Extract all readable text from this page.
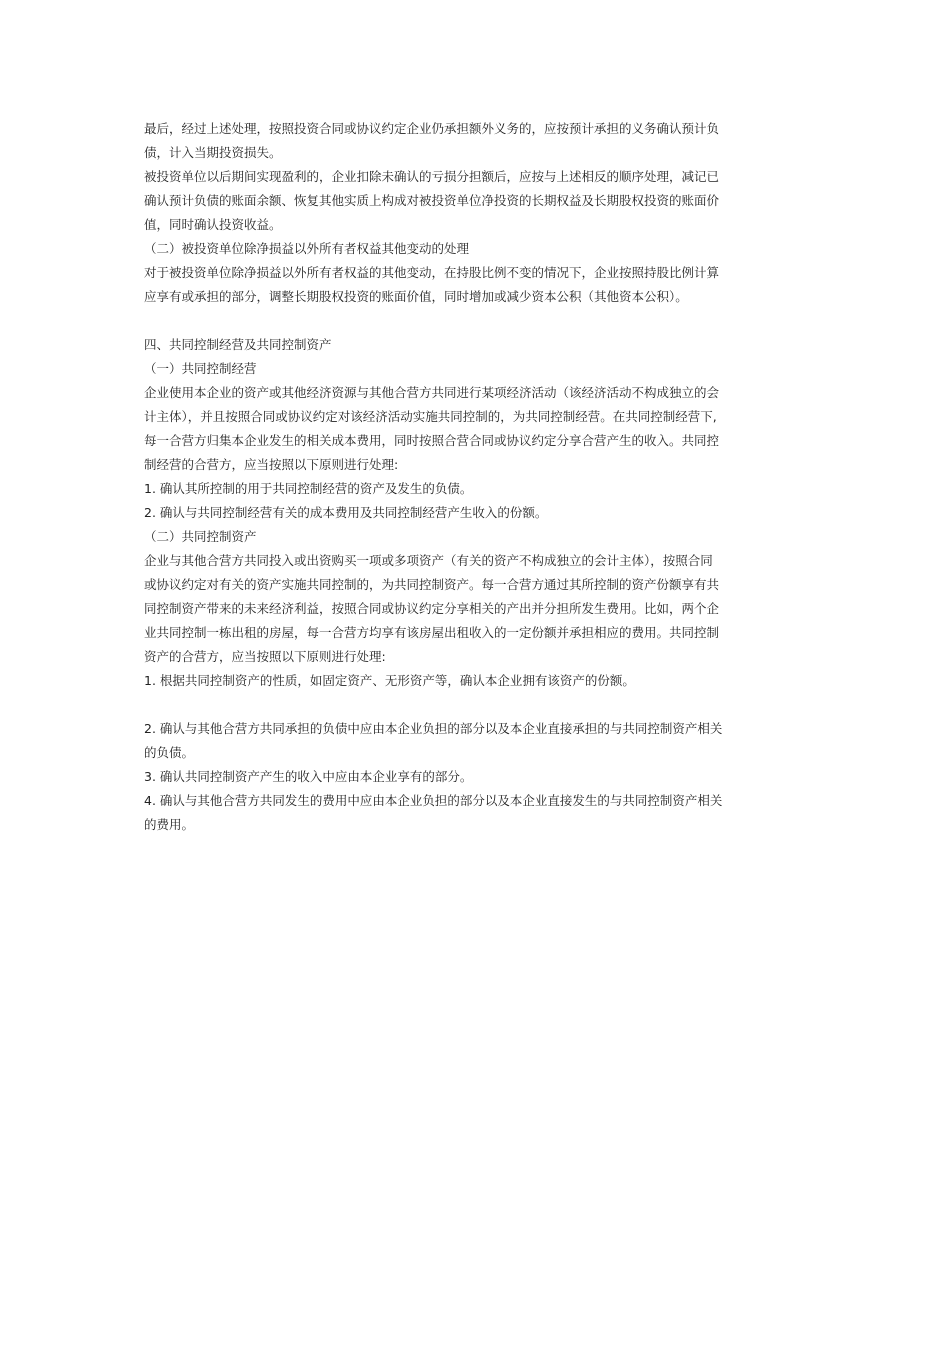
最后，经过上述处理，按照投资合同或协议约定企业仍承担额外义务的，应按预计承担的义务确认预计负
债，计入当期投资损失。
被投资单位以后期间实现盈利的，企业扣除未确认的亏损分担额后，应按与上述相反的顺序处理，减记已
确认预计负债的账面余额、恢复其他实质上构成对被投资单位净投资的长期权益及长期股权投资的账面价
值，同时确认投资收益。
（二）被投资单位除净损益以外所有者权益其他变动的处理
对于被投资单位除净损益以外所有者权益的其他变动，在持股比例不变的情况下，企业按照持股比例计算
应享有或承担的部分，调整长期股权投资的账面价值，同时增加或减少资本公积（其他资本公积）。
四、共同控制经营及共同控制资产
（一）共同控制经营
企业使用本企业的资产或其他经济资源与其他合营方共同进行某项经济活动（该经济活动不构成独立的会
计主体），并且按照合同或协议约定对该经济活动实施共同控制的，为共同控制经营。在共同控制经营下,
每一合营方归集本企业发生的相关成本费用，同时按照合营合同或协议约定分享合营产生的收入。共同控
制经营的合营方，应当按照以下原则进行处理:
1. 确认其所控制的用于共同控制经营的资产及发生的负债。
2. 确认与共同控制经营有关的成本费用及共同控制经营产生收入的份额。
（二）共同控制资产
企业与其他合营方共同投入或出资购买一项或多项资产（有关的资产不构成独立的会计主体），按照合同
或协议约定对有关的资产实施共同控制的，为共同控制资产。每一合营方通过其所控制的资产份额享有共
同控制资产带来的未来经济利益，按照合同或协议约定分享相关的产出并分担所发生费用。比如，两个企
业共同控制一栋出租的房屋，每一合营方均享有该房屋出租收入的一定份额并承担相应的费用。共同控制
资产的合营方，应当按照以下原则进行处理:
1. 根据共同控制资产的性质，如固定资产、无形资产等，确认本企业拥有该资产的份额。
2. 确认与其他合营方共同承担的负债中应由本企业负担的部分以及本企业直接承担的与共同控制资产相关
的负债。
3. 确认共同控制资产产生的收入中应由本企业享有的部分。
4. 确认与其他合营方共同发生的费用中应由本企业负担的部分以及本企业直接发生的与共同控制资产相关
的费用。
